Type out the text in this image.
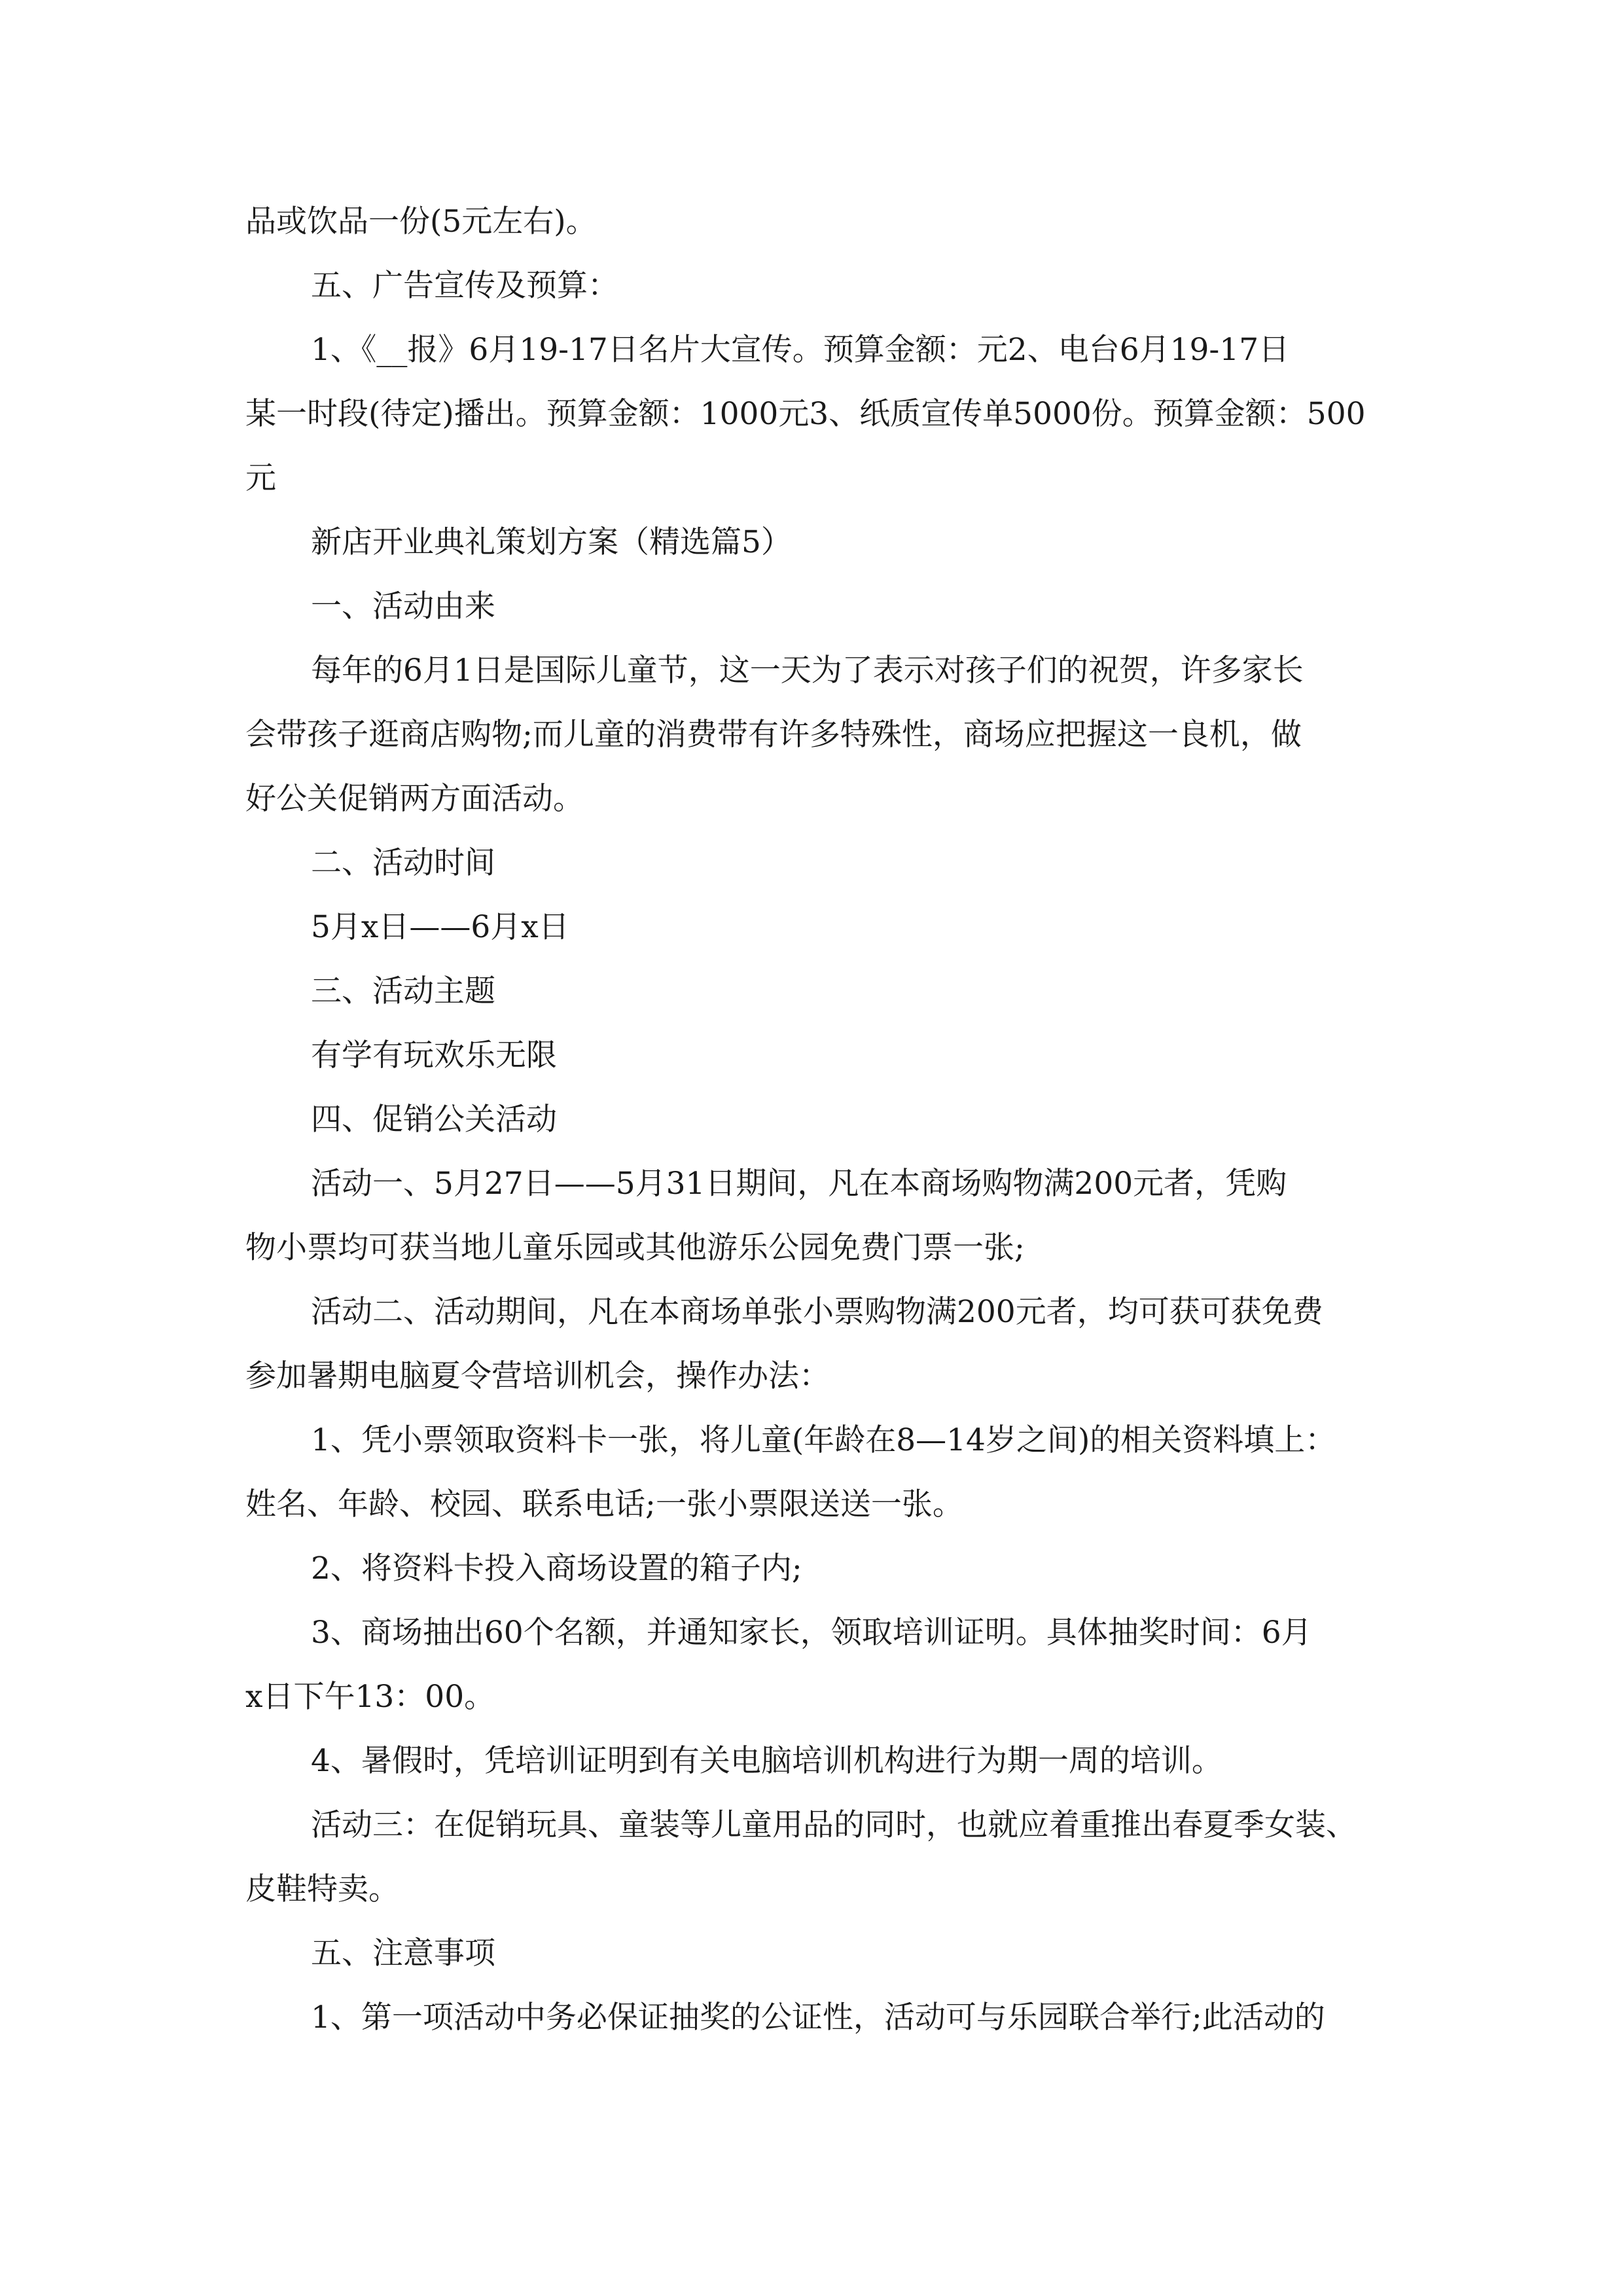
品或饮品一份(5元左右)。
五、广告宣传及预算：
1、《__报》6月19-17日名片大宣传。预算金额：元2、电台6月19-17日
某一时段(待定)播出。预算金额：1000元3、纸质宣传单5000份。预算金额：500
元
新店开业典礼策划方案（精选篇5）
一、活动由来
每年的6月1日是国际儿童节，这一天为了表示对孩子们的祝贺，许多家长
会带孩子逛商店购物;而儿童的消费带有许多特殊性，商场应把握这一良机，做
好公关促销两方面活动。
二、活动时间
5月x日——6月x日
三、活动主题
有学有玩欢乐无限
四、促销公关活动
活动一、5月27日——5月31日期间，凡在本商场购物满200元者，凭购
物小票均可获当地儿童乐园或其他游乐公园免费门票一张;
活动二、活动期间，凡在本商场单张小票购物满200元者，均可获可获免费
参加暑期电脑夏令营培训机会，操作办法：
1、凭小票领取资料卡一张，将儿童(年龄在8—14岁之间)的相关资料填上：
姓名、年龄、校园、联系电话;一张小票限送送一张。
2、将资料卡投入商场设置的箱子内;
3、商场抽出60个名额，并通知家长，领取培训证明。具体抽奖时间：6月
x日下午13：00。
4、暑假时，凭培训证明到有关电脑培训机构进行为期一周的培训。
活动三：在促销玩具、童装等儿童用品的同时，也就应着重推出春夏季女装、
皮鞋特卖。
五、注意事项
1、第一项活动中务必保证抽奖的公证性，活动可与乐园联合举行;此活动的
